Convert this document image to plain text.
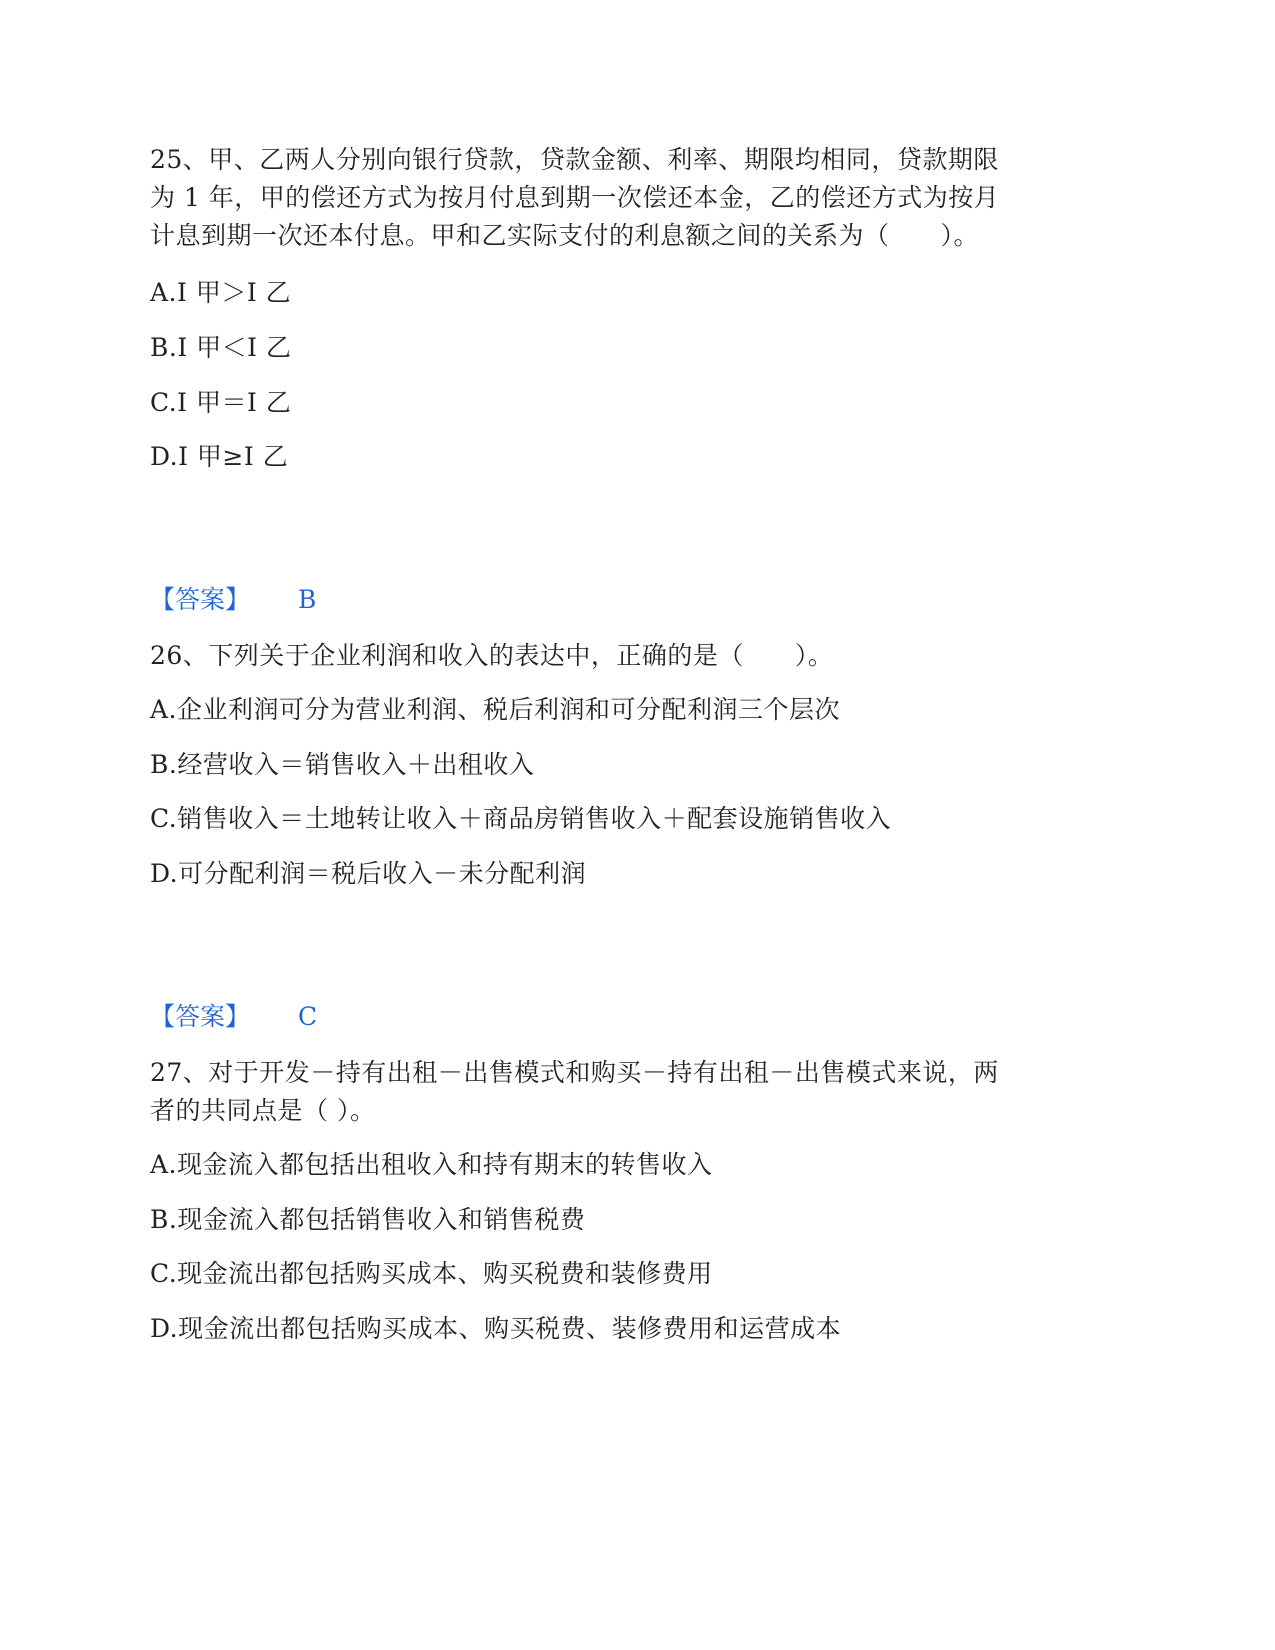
25、甲、乙两人分别向银行贷款，贷款金额、利率、期限均相同，贷款期限
为 1 年，甲的偿还方式为按月付息到期一次偿还本金，乙的偿还方式为按月
计息到期一次还本付息。甲和乙实际支付的利息额之间的关系为（　　）。
A.I 甲＞I 乙
B.I 甲＜I 乙
C.I 甲＝I 乙
D.I 甲≥I 乙
【答案】 B
26、下列关于企业利润和收入的表达中，正确的是（　　）。
A.企业利润可分为营业利润、税后利润和可分配利润三个层次
B.经营收入＝销售收入＋出租收入
C.销售收入＝土地转让收入＋商品房销售收入＋配套设施销售收入
D.可分配利润＝税后收入－未分配利润
【答案】 C
27、对于开发－持有出租－出售模式和购买－持有出租－出售模式来说，两
者的共同点是（ ）。
A.现金流入都包括出租收入和持有期末的转售收入
B.现金流入都包括销售收入和销售税费
C.现金流出都包括购买成本、购买税费和装修费用
D.现金流出都包括购买成本、购买税费、装修费用和运营成本
